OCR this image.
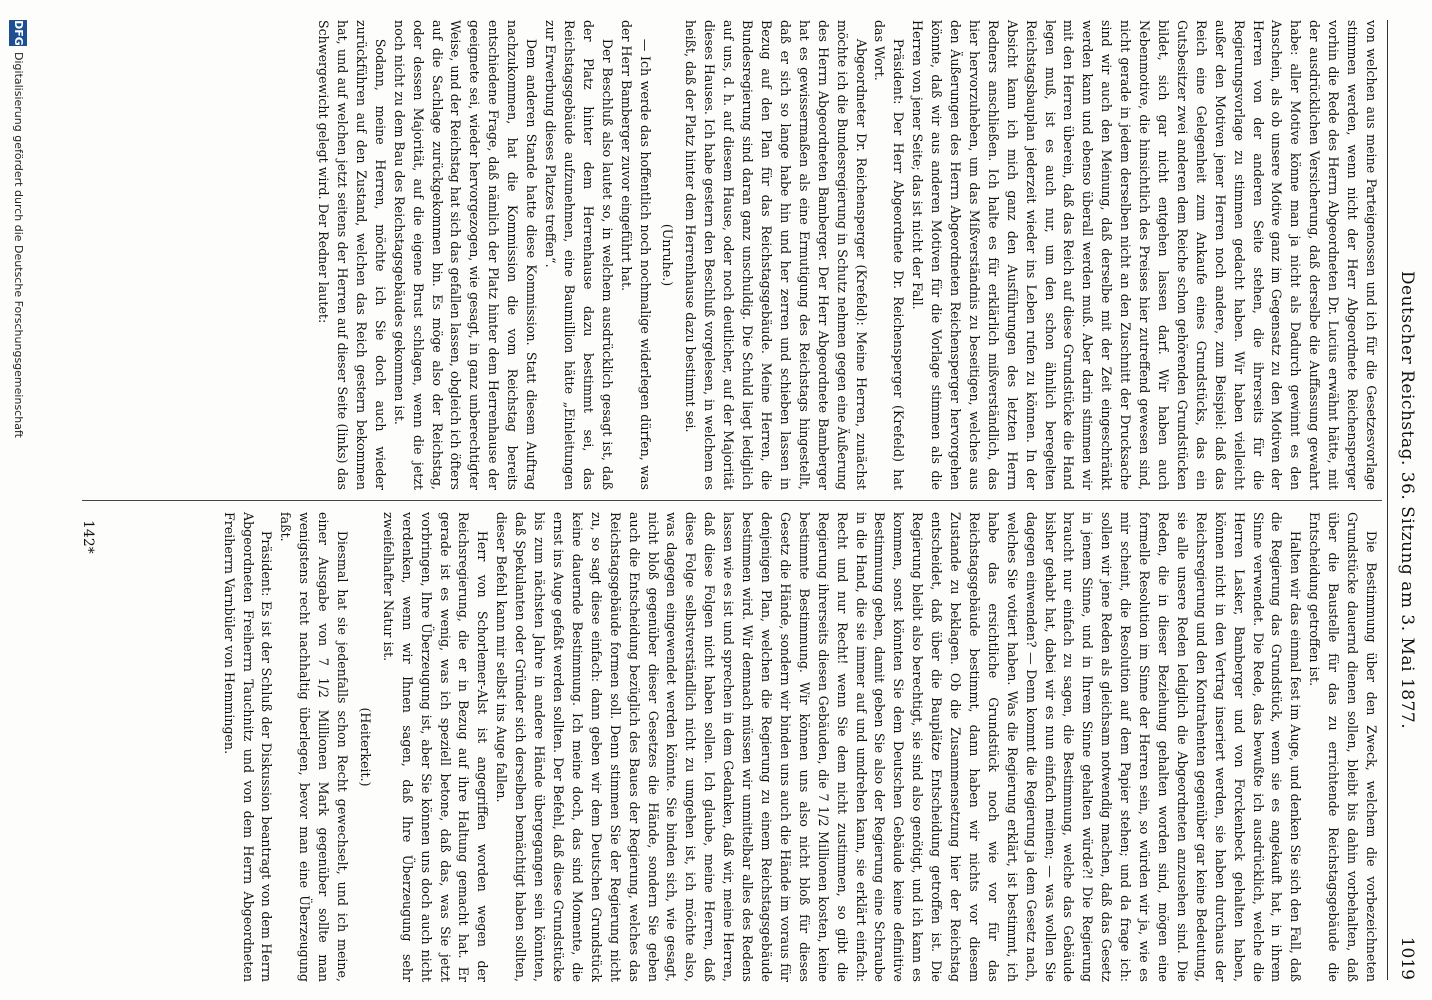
Deutscher Reichstag. 36. Sitzung am 3. Mai 1877.
1019

von welchen aus meine Parteigenossen und ich für die Gesetzesvorlage stimmen werden, wenn nicht der Herr Abgeordnete Reichensperger vorhin die Rede des Herrn Abgeordneten Dr. Lucius erwähnt hätte, mit der ausdrücklichen Versicherung, daß derselbe die Auffassung gewahrt habe: aller Motive könne man ja nicht als Dadurch gewinnt es den Anschein, als ob unsere Motive ganz im Gegensatz zu den Motiven der Herren von der anderen Seite stehen, die ihrerseits für die Regierungsvorlage zu stimmen gedacht haben. Wir haben vielleicht außer den Motiven jener Herren noch andere, zum Beispiel: daß das Reich eine Gelegenheit zum Ankaufe eines Grundstücks, das ein Gutsbesitzer zwei anderen dem Reiche schon gehörenden Grundstücken bildet, sich gar nicht entgehen lassen darf. Wir haben auch Nebenmotive, die hinsichtlich des Preises hier zutreffend gewesen sind, nicht gerade in jedem derselben nicht an den Zuschnitt der Drucksache sind wir auch den Meinung, daß derselbe mit der Zeit eingeschränkt werden kann und ebenso überall werden muß. Aber darin stimmen wir mit den Herren überein, daß das Reich auf diese Grundstücke die Hand legen muß, ist es auch nur, um den schon ähnlich beregelten Reichstagsbauplan jederzeit wieder ins Leben rufen zu können. In der Absicht kann ich mich ganz den Ausführungen des letzten Herrn Redners anschließen. Ich halte es für erklärlich mißverständlich, das hier hervorzuheben, um das Mißverständnis zu beseitigen, welches aus den Äußerungen des Herrn Abgeordneten Reichensperger hervorgehen könnte, daß wir aus anderen Motiven für die Vorlage stimmen als die Herren von jener Seite; das ist nicht der Fall.

Präsident: Der Herr Abgeordnete Dr. Reichensperger (Krefeld) hat das Wort.

Abgeordneter Dr. Reichensperger (Krefeld): Meine Herren, zunächst möchte ich die Bundesregierung in Schutz nehmen gegen eine Äußerung des Herrn Abgeordneten Bamberger. Der Herr Abgeordnete Bamberger hat es gewissermaßen als eine Ermutigung des Reichstags hingestellt, daß er sich so lange habe hin und her zerren und schieben lassen in Bezug auf den Plan für das Reichstagsgebäude. Meine Herren, die Bundesregierung sind daran ganz unschuldig. Die Schuld liegt lediglich auf uns, d. h. auf diesem Hause, oder noch deutlicher, auf der Majorität dieses Hauses. Ich habe gestern den Beschluß vorgelesen, in welchem es heißt, daß der Platz hinter dem Herrenhause dazu bestimmt sei.

(Unruhe.)

— Ich werde das hoffentlich noch nochmalige widerlegen dürfen, was der Herr Bamberger zuvor eingeführt hat.

Der Beschluß also lautet so, in welchem ausdrücklich gesagt ist, daß der Platz hinter dem Herrenhause dazu bestimmt sei, das Reichstagsgebäude aufzunehmen, eine Baumillion hätte „Einleitungen zur Erwerbung dieses Platzes treffen“.

Dem anderen Stande hatte diese Kommission. Statt diesem Auftrag nachzukommen, hat die Kommission die vom Reichstag bereits entschiedene Frage, daß nämlich der Platz hinter dem Herrenhause der geeignete sei, wieder hervorgezogen, wie gesagt, in ganz unberechtigter Weise, und der Reichstag hat sich das gefallen lassen, obgleich ich öfters auf die Sachlage zurückgekommen bin. Es möge also der Reichstag, oder dessen Majorität, auf die eigene Brust schlagen, wenn die jetzt noch nicht zu dem Bau des Reichstagsgebäudes gekommen ist.

Sodann, meine Herren, möchte ich Sie doch auch wieder zurückführen auf den Zustand, welchen das Reich gestern bekommen hat, und auf welchen jetzt seitens der Herren auf dieser Seite (links) das Schwergewicht gelegt wird. Der Redner lautet:

Die Bestimmung über den Zweck, welchem die vorbezeichneten Grundstücke dauernd dienen sollen, bleibt bis dahin vorbehalten, daß über die Baustelle für das zu errichtende Reichstagsgebäude die Entscheidung getroffen ist.

Halten wir das einmal fest im Auge, und denken Sie sich den Fall, daß die Regierung das Grundstück, wenn sie es angekauft hat, in ihrem Sinne verwendet. Die Rede, das bewußte ich ausdrücklich, welche die Herren Lasker, Bamberger und von Forckenbeck gehalten haben, können nicht in den Vertrag inseriert werden, sie haben durchaus der Reichsregierung und den Kontrahenten gegenüber gar keine Bedeutung, sie alle unsere Reden lediglich die Abgeordneten anzusehen sind. Die Reden, die in dieser Beziehung gehalten worden sind, mögen eine formelle Resolution im Sinne der Herren sein, so würden wir ja, wie es mir scheint, die Resolution auf dem Papier stehen; und da frage ich: sollen wir jene Reden als gleichsam notwendig machen, daß das Gesetz in jenem Sinne, und in Ihrem Sinne gehalten würde?! Die Regierung braucht nur einfach zu sagen, die Bestimmung, welche das Gebäude bisher gehabt hat, dabei wir es nun einfach meinen; — was wollen Sie dagegen einwenden? — Denn kommt die Regierung ja dem Gesetz nach, welches Sie votiert haben. Was die Regierung erklärt, ist bestimmt, ich habe das ersichtliche Grundstück noch wie vor für das Reichstagsgebäude bestimmt, dann haben wir nichts vor diesem Zustande zu beklagen. Ob die Zusammensetzung hier der Reichstag entscheidet, daß über die Bauplätze Entscheidung getroffen ist. Die Regierung bleibt also berechtigt, sie sind also genötigt, und ich kann es kommen, sonst könnten Sie dem Deutschen Gebäude keine definitive Bestimmung geben, damit geben Sie also der Regierung eine Schraube in die Hand, die sie immer auf und umdrehen kann, sie erklärt einfach: Recht und nur Recht! wenn Sie dem nicht zustimmen, so gibt die Regierung ihrerseits diesen Gebäuden, die 7 1/2 Millionen kosten, keine bestimmte Bestimmung. Wir können uns also nicht bloß für dieses Gesetz die Hände, sondern wir binden uns auch die Hände im voraus für denjenigen Plan, welchen die Regierung zu einem Reichstagsgebäude bestimmen wird. Wir demnach müssen wir unmittelbar alles des Redens lassen wie es ist und sprechen in dem Gedanken, daß wir, meine Herren, daß diese Folgen nicht haben sollen. Ich glaube, meine Herren, daß diese Folge selbstverständlich nicht zu umgehen ist, ich möchte also, was dagegen eingewendet werden könnte. Sie binden sich, wie gesagt, nicht bloß gegenüber dieser Gesetzes die Hände, sondern Sie geben auch die Entscheidung bezüglich des Baues der Regierung, welches das Reichstagsgebäude formen soll. Denn stimmen Sie der Regierung nicht zu, so sagt diese einfach: dann geben wir dem Deutschen Grundstück keine dauernde Bestimmung. Ich meine doch, das sind Momente, die ernst ins Auge gefaßt werden sollten. Der Befehl, daß diese Grundstücke bis zum nächsten Jahre in andere Hände übergegangen sein könnten, daß Spekulanten oder Gründer sich derselben bemächtigt haben sollten, dieser Befehl kann mir selbst ins Auge fallen.

Herr von Schorlemer-Alst ist angegriffen worden wegen der Reichsregierung, die er in Bezug auf ihre Haltung gemacht hat. Er gerade ist es wenig, was ich speziell betone, daß das, was Sie jetzt vorbringen, Ihre Überzeugung ist, aber Sie können uns doch auch nicht verdenken, wenn wir Ihnen sagen, daß Ihre Überzeugung sehr zweifelhafter Natur ist.

(Heiterkeit.)

Diesmal hat sie jedenfalls schon Recht gewechselt, und ich meine, einer Ausgabe von 7 1/2 Millionen Mark gegenüber sollte man wenigstens recht nachhaltig überlegen, bevor man eine Überzeugung faßt.

Präsident: Es ist der Schluß der Diskussion beantragt von dem Herrn Abgeordneten Freiherrn Tauchnitz und von dem Herrn Abgeordneten Freiherrn Varnbüler von Hemmingen.

142*
DFG
Digitalisierung gefördert durch die Deutsche Forschungsgemeinschaft
